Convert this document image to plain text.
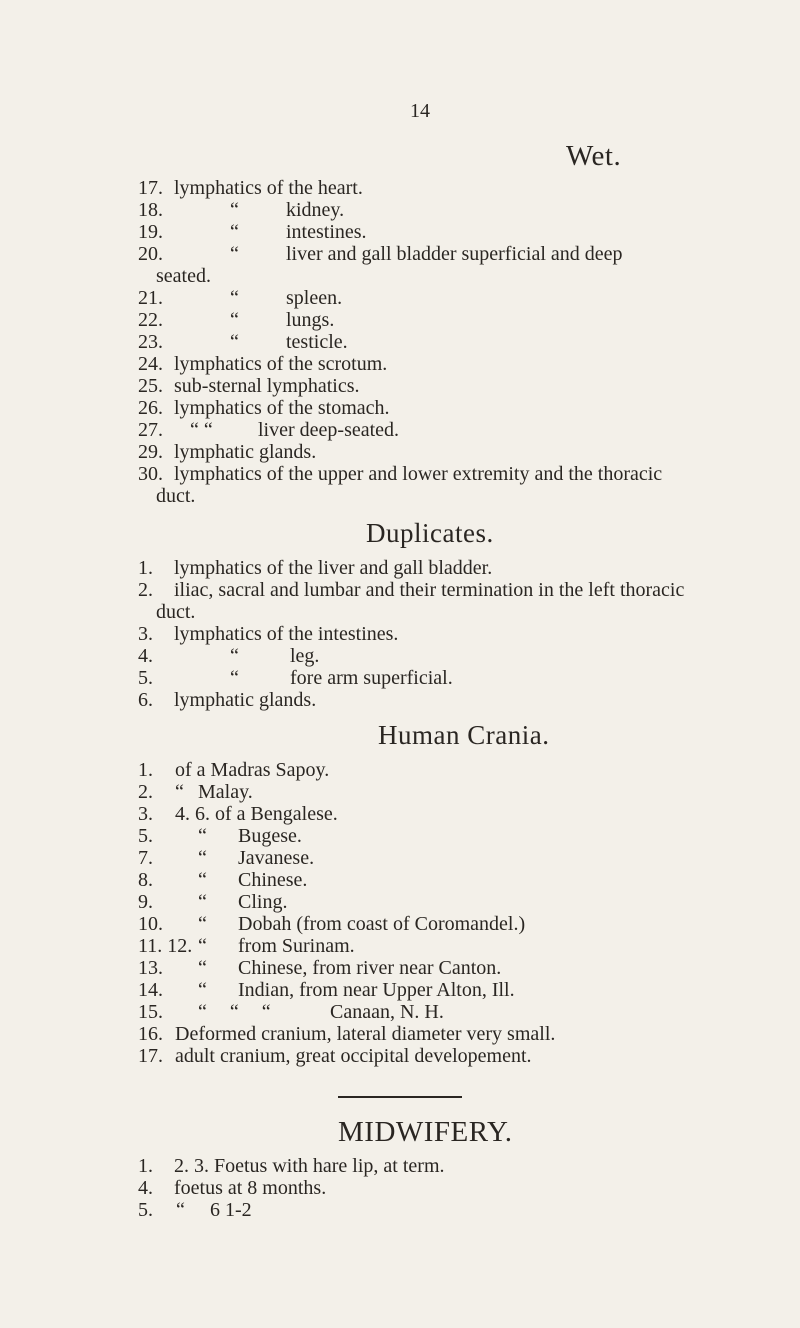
14
Wet.
17. lymphatics of the heart.
18.	“ kidney.
19.	“ intestines.
20.	“ liver and gall bladder superficial and deep
seated.
21.	“ spleen.
22.	“ lungs.
23.	“ testicle.
24. lymphatics of the scrotum.
25. sub-sternal lymphatics.
26. lymphatics of the stomach.
27. “ “ liver deep-seated.
29. lymphatic glands.
30. lymphatics of the upper and lower extremity and the thoracic
duct.
Duplicates.
1. lymphatics of the liver and gall bladder.
2. iliac, sacral and lumbar and their termination in the left thoracic
duct.
3. lymphatics of the intestines.
4.	“	leg.
5.	“	fore arm superficial.
6. lymphatic glands.
Human Crania.
1. of a Madras Sapoy.
2. “ Malay.
3. 4. 6. of a Bengalese.
5. “ Bugese.
7. “ Javanese.
8. “ Chinese.
9. “ Cling.
10. “ Dobah (from coast of Coromandel.)
11. 12. “ from Surinam.
13. “ Chinese, from river near Canton.
14. “ Indian, from near Upper Alton, Ill.
15. “ “ “	Canaan, N. H.
16. Deformed cranium, lateral diameter very small.
17. adult cranium, great occipital developement.
MIDWIFERY.
1. 2. 3. Foetus with hare lip, at term.
4. foetus at 8 months.
5. “ 6 1-2
